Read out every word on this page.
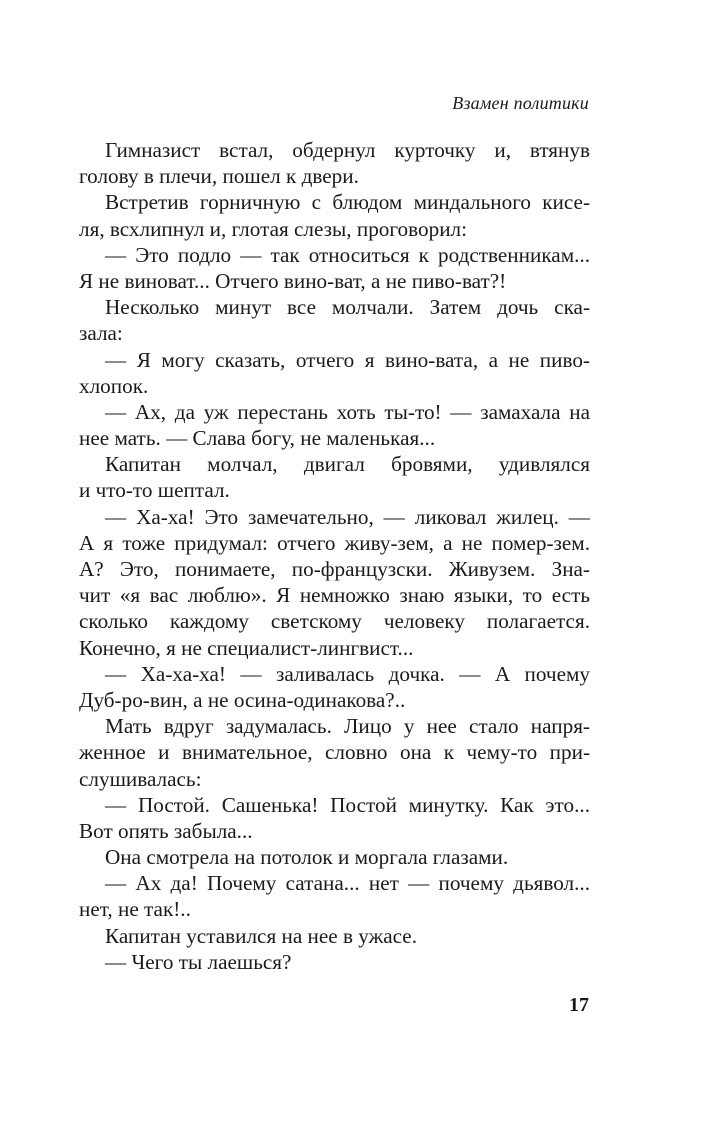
Взамен политики
Гимназист встал, обдернул курточку и, втянув
голову в плечи, пошел к двери.
Встретив горничную с блюдом миндального кисе-
ля, всхлипнул и, глотая слезы, проговорил:
— Это подло — так относиться к родственникам...
Я не виноват... Отчего вино-ват, а не пиво-ват?!
Несколько минут все молчали. Затем дочь ска-
зала:
— Я могу сказать, отчего я вино-вата, а не пиво-
хлопок.
— Ах, да уж перестань хоть ты-то! — замахала на
нее мать. — Слава богу, не маленькая...
Капитан молчал, двигал бровями, удивлялся
и что-то шептал.
— Ха-ха! Это замечательно, — ликовал жилец. —
А я тоже придумал: отчего живу-зем, а не помер-зем.
А? Это, понимаете, по-французски. Живузем. Зна-
чит «я вас люблю». Я немножко знаю языки, то есть
сколько каждому светскому человеку полагается.
Конечно, я не специалист-лингвист...
— Ха-ха-ха! — заливалась дочка. — А почему
Дуб-ро-вин, а не осина-одинакова?..
Мать вдруг задумалась. Лицо у нее стало напря-
женное и внимательное, словно она к чему-то при-
слушивалась:
— Постой. Сашенька! Постой минутку. Как это...
Вот опять забыла...
Она смотрела на потолок и моргала глазами.
— Ах да! Почему сатана... нет — почему дьявол...
нет, не так!..
Капитан уставился на нее в ужасе.
— Чего ты лаешься?
17
